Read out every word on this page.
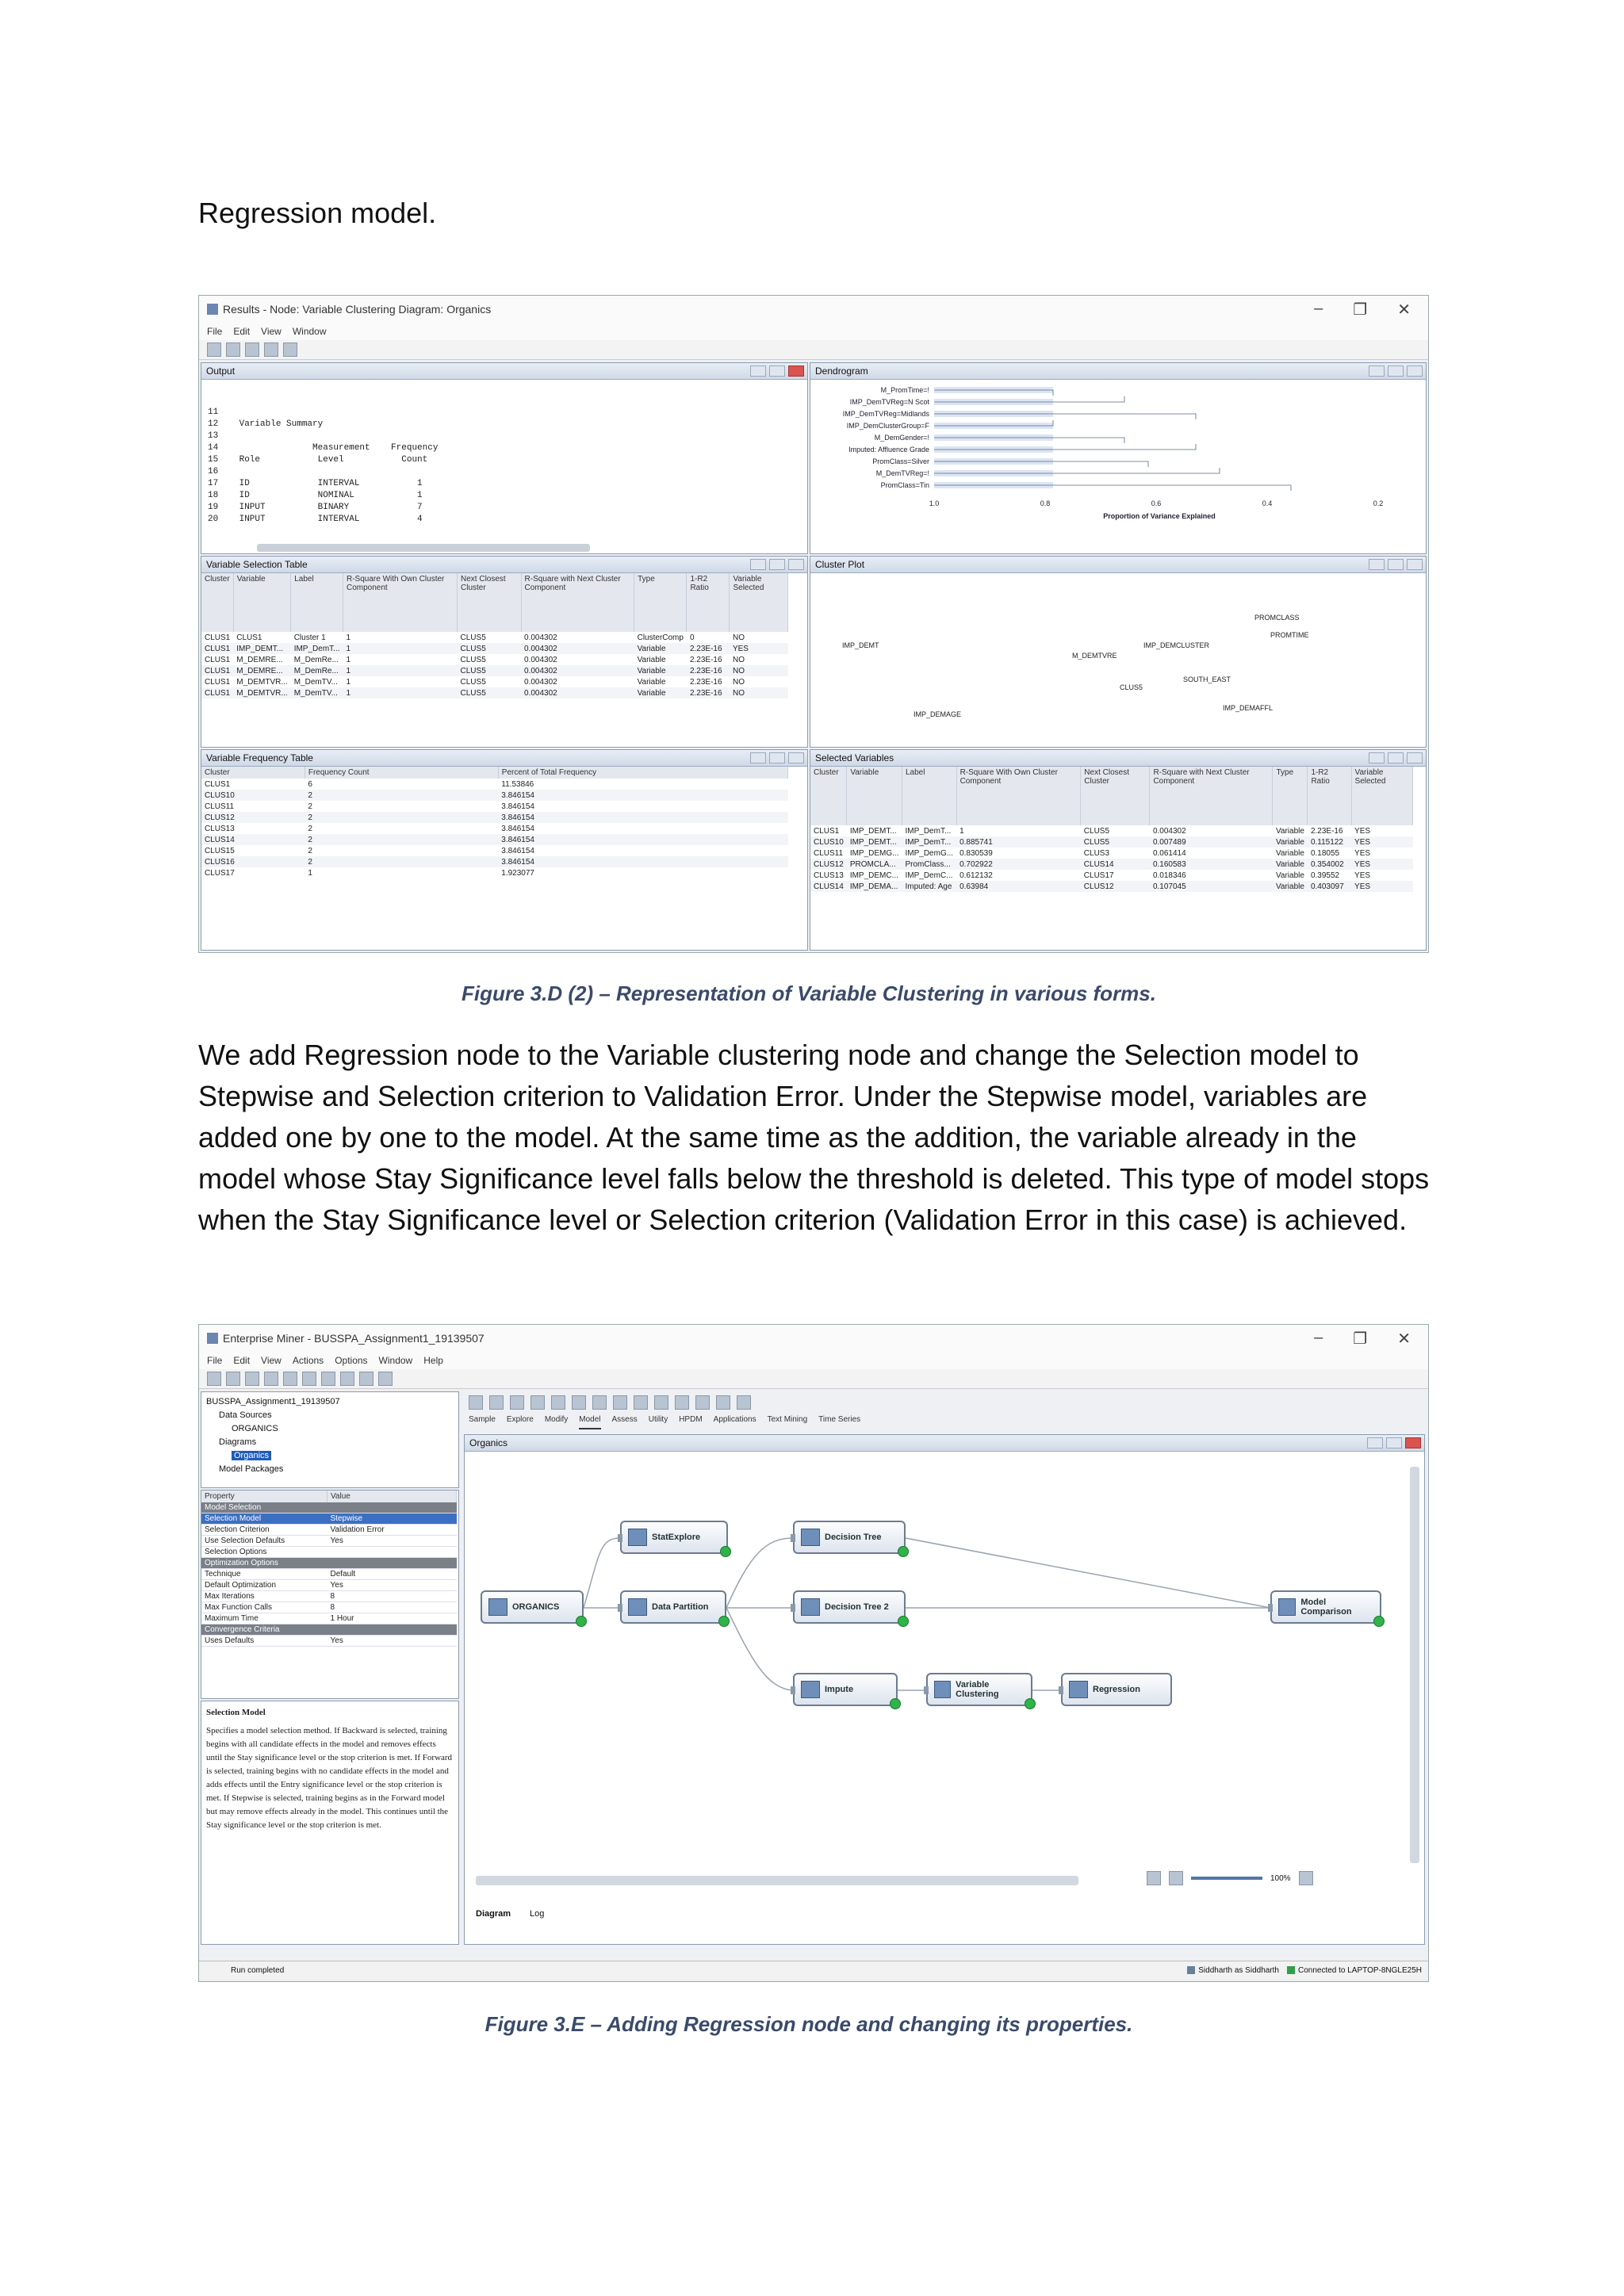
Regression model.
Results - Node: Variable Clustering Diagram: Organics	– ❐ ✕
File Edit View Window
Output

11
12    Variable Summary
13
14                  Measurement    Frequency
15    Role           Level           Count
16
17    ID             INTERVAL           1
18    ID             NOMINAL            1
19    INPUT          BINARY             7
20    INPUT          INTERVAL           4

Dendrogram
M_PromTime=!
IMP_DemTVReg=N Scot
IMP_DemTVReg=Midlands
IMP_DemClusterGroup=F
M_DemGender=!
Imputed: Affluence Grade
PromClass=Silver
M_DemTVReg=!
PromClass=Tin
1.0	0.8	0.6	0.4	0.2
Proportion of Variance Explained
Variable Selection Table
Cluster	Variable	Label	R-Square With Own Cluster Component	Next Closest Cluster	R-Square with Next Cluster Component	Type	1-R2 Ratio	Variable Selected
CLUS1	CLUS1	Cluster 1	1	CLUS5	0.004302	ClusterComp	0	NO
CLUS1	IMP_DEMT...	IMP_DemT...	1	CLUS5	0.004302	Variable	2.23E-16	YES
CLUS1	M_DEMRE...	M_DemRe...	1	CLUS5	0.004302	Variable	2.23E-16	NO
CLUS1	M_DEMRE...	M_DemRe...	1	CLUS5	0.004302	Variable	2.23E-16	NO
CLUS1	M_DEMTVR...	M_DemTV...	1	CLUS5	0.004302	Variable	2.23E-16	NO
CLUS1	M_DEMTVR...	M_DemTV...	1	CLUS5	0.004302	Variable	2.23E-16	NO
Cluster Plot
IMP_DEMT
PROMCLASS
M_DEMTVRE
IMP_DEMCLUSTER
PROMTIME
IMP_DEMAGE
SOUTH_EAST
IMP_DEMAFFL
CLUS5
Variable Frequency Table
Cluster	Frequency Count	Percent of Total Frequency
CLUS1	6	11.53846
CLUS10	2	3.846154
CLUS11	2	3.846154
CLUS12	2	3.846154
CLUS13	2	3.846154
CLUS14	2	3.846154
CLUS15	2	3.846154
CLUS16	2	3.846154
CLUS17	1	1.923077
Selected Variables
Cluster	Variable	Label	R-Square With Own Cluster Component	Next Closest Cluster	R-Square with Next Cluster Component	Type	1-R2 Ratio	Variable Selected
CLUS1	IMP_DEMT...	IMP_DemT...	1	CLUS5	0.004302	Variable	2.23E-16	YES
CLUS10	IMP_DEMT...	IMP_DemT...	0.885741	CLUS5	0.007489	Variable	0.115122	YES
CLUS11	IMP_DEMG...	IMP_DemG...	0.830539	CLUS3	0.061414	Variable	0.18055	YES
CLUS12	PROMCLA...	PromClass...	0.702922	CLUS14	0.160583	Variable	0.354002	YES
CLUS13	IMP_DEMC...	IMP_DemC...	0.612132	CLUS17	0.018346	Variable	0.39552	YES
CLUS14	IMP_DEMA...	Imputed: Age	0.63984	CLUS12	0.107045	Variable	0.403097	YES
Figure 3.D (2) – Representation of Variable Clustering in various forms.
We add Regression node to the Variable clustering node and change the Selection model to Stepwise and Selection criterion to Validation Error. Under the Stepwise model, variables are added one by one to the model. At the same time as the addition, the variable already in the model whose Stay Significance level falls below the threshold is deleted. This type of model stops when the Stay Significance level or Selection criterion (Validation Error in this case) is achieved.
Enterprise Miner - BUSSPA_Assignment1_19139507	– ❐ ✕
File Edit View Actions Options Window Help
BUSSPA_Assignment1_19139507
Data Sources
ORGANICS
Diagrams
Organics
Model Packages
Property	Value
Model Selection	
Selection Model	Stepwise
Selection Criterion	Validation Error
Use Selection Defaults	Yes
Selection Options	
Optimization Options	
Technique	Default
Default Optimization	Yes
Max Iterations	8
Max Function Calls	8
Maximum Time	1 Hour
Convergence Criteria	
Uses Defaults	Yes
Selection Model
Specifies a model selection method. If Backward is selected, training begins with all candidate effects in the model and removes effects until the Stay significance level or the stop criterion is met. If Forward is selected, training begins with no candidate effects in the model and adds effects until the Entry significance level or the stop criterion is met. If Stepwise is selected, training begins as in the Forward model but may remove effects already in the model. This continues until the Stay significance level or the stop criterion is met.
Sample Explore Modify Model Assess Utility HPDM Applications Text Mining Time Series
Organics
ORGANICS
StatExplore
Data Partition
Decision Tree
Decision Tree 2
Impute	Variable Clustering	Regression
Model Comparison
100%
Diagram Log
Run completed	Siddharth as Siddharth Connected to LAPTOP-8NGLE25H
Figure 3.E – Adding Regression node and changing its properties.
